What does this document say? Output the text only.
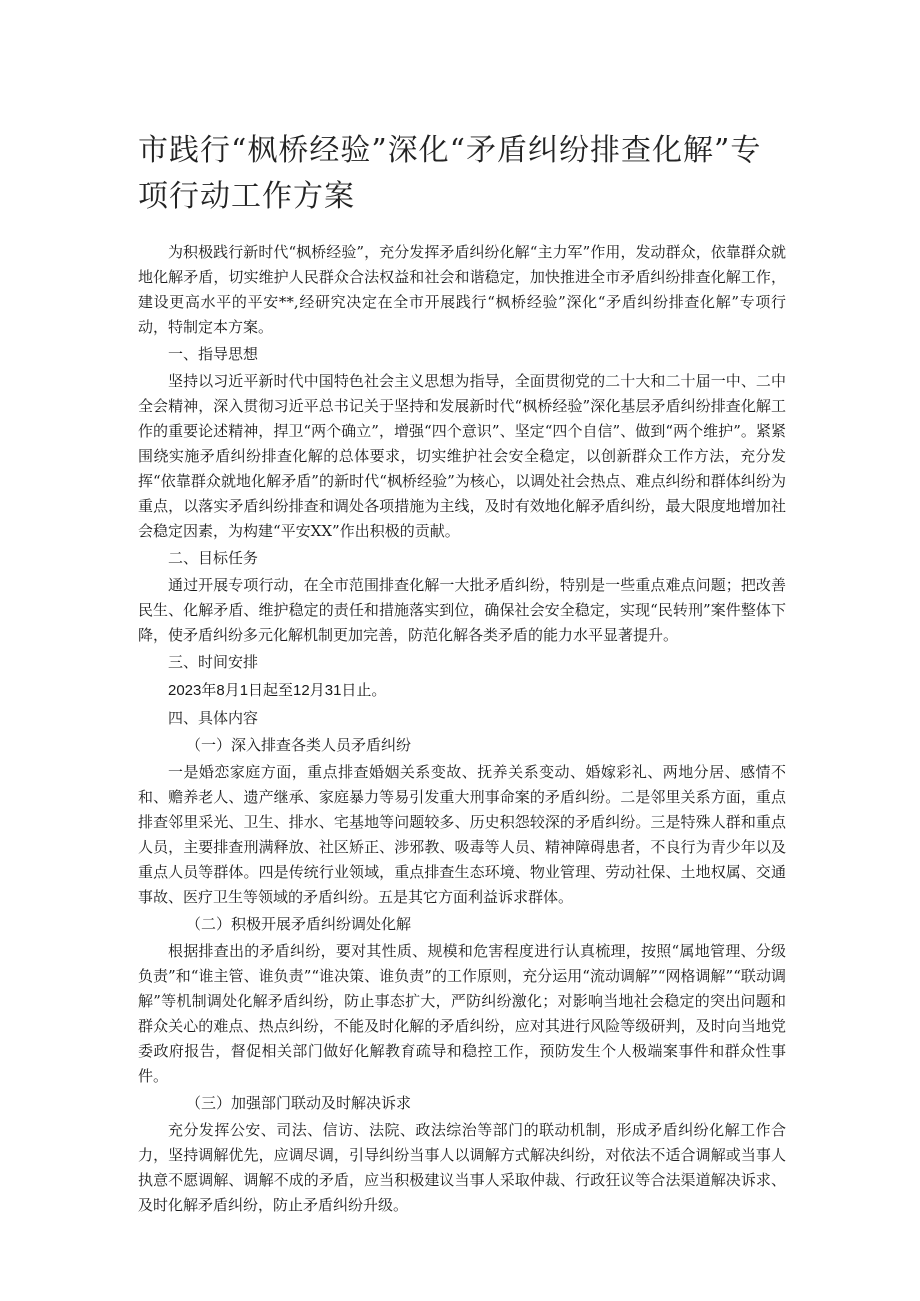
市践行“枫桥经验”深化“矛盾纠纷排查化解”专项行动工作方案

为积极践行新时代“枫桥经验”，充分发挥矛盾纠纷化解“主力军”作用，发动群众，依靠群众就地化解矛盾，切实维护人民群众合法权益和社会和谐稳定，加快推进全市矛盾纠纷排查化解工作，建设更高水平的平安**,经研究决定在全市开展践行“枫桥经验”深化“矛盾纠纷排查化解”专项行动，特制定本方案。

一、指导思想

坚持以习近平新时代中国特色社会主义思想为指导，全面贯彻党的二十大和二十届一中、二中全会精神，深入贯彻习近平总书记关于坚持和发展新时代“枫桥经验”深化基层矛盾纠纷排查化解工作的重要论述精神，捍卫“两个确立”，增强“四个意识”、坚定“四个自信”、做到“两个维护”。紧紧围绕实施矛盾纠纷排查化解的总体要求，切实维护社会安全稳定，以创新群众工作方法，充分发挥“依靠群众就地化解矛盾”的新时代“枫桥经验”为核心，以调处社会热点、难点纠纷和群体纠纷为重点，以落实矛盾纠纷排查和调处各项措施为主线，及时有效地化解矛盾纠纷，最大限度地增加社会稳定因素，为构建“平安XX”作出积极的贡献。

二、目标任务

通过开展专项行动，在全市范围排查化解一大批矛盾纠纷，特别是一些重点难点问题；把改善民生、化解矛盾、维护稳定的责任和措施落实到位，确保社会安全稳定，实现“民转刑”案件整体下降，使矛盾纠纷多元化解机制更加完善，防范化解各类矛盾的能力水平显著提升。

三、时间安排

2023年8月1日起至12月31日止。

四、具体内容

（一）深入排查各类人员矛盾纠纷

一是婚恋家庭方面，重点排查婚姻关系变故、抚养关系变动、婚嫁彩礼、两地分居、感情不和、赡养老人、遗产继承、家庭暴力等易引发重大刑事命案的矛盾纠纷。二是邻里关系方面，重点排查邻里采光、卫生、排水、宅基地等问题较多、历史积怨较深的矛盾纠纷。三是特殊人群和重点人员，主要排查刑满释放、社区矫正、涉邪教、吸毒等人员、精神障碍患者，不良行为青少年以及重点人员等群体。四是传统行业领域，重点排查生态环境、物业管理、劳动社保、土地权属、交通事故、医疗卫生等领域的矛盾纠纷。五是其它方面利益诉求群体。

（二）积极开展矛盾纠纷调处化解

根据排查出的矛盾纠纷，要对其性质、规模和危害程度进行认真梳理，按照“属地管理、分级负责”和“谁主管、谁负责”“谁决策、谁负责”的工作原则，充分运用“流动调解”“网格调解”“联动调解”等机制调处化解矛盾纠纷，防止事态扩大，严防纠纷激化；对影响当地社会稳定的突出问题和群众关心的难点、热点纠纷，不能及时化解的矛盾纠纷，应对其进行风险等级研判，及时向当地党委政府报告，督促相关部门做好化解教育疏导和稳控工作，预防发生个人极端案事件和群众性事件。

（三）加强部门联动及时解决诉求

充分发挥公安、司法、信访、法院、政法综治等部门的联动机制，形成矛盾纠纷化解工作合力，坚持调解优先，应调尽调，引导纠纷当事人以调解方式解决纠纷，对依法不适合调解或当事人执意不愿调解、调解不成的矛盾，应当积极建议当事人采取仲裁、行政狂议等合法渠道解决诉求、及时化解矛盾纠纷，防止矛盾纠纷升级。
